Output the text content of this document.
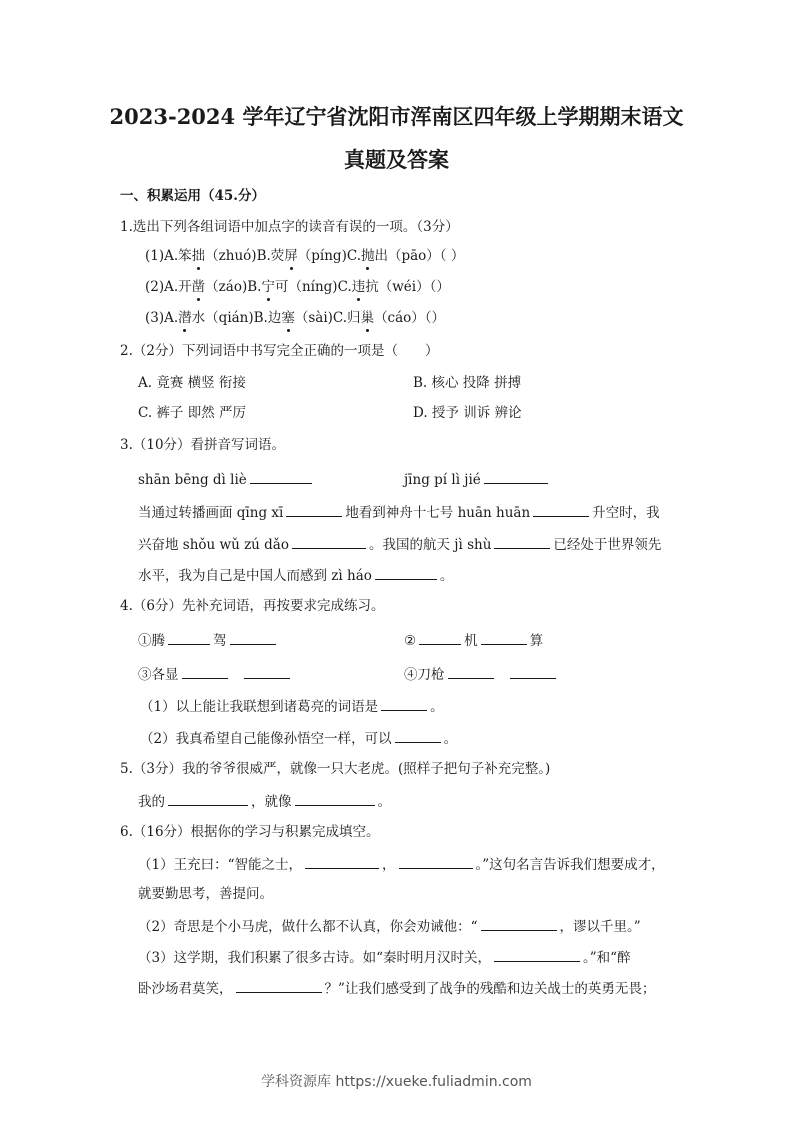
2023-2024 学年辽宁省沈阳市浑南区四年级上学期期末语文
真题及答案
一、积累运用（45.分）
1.选出下列各组词语中加点字的读音有误的一项。（3分）
(1)A.笨拙（zhuó)B.荧屏（píng)C.抛出（pāo）（ ）
(2)A.开凿（záo)B.宁可（níng)C.违抗（wéi）（）
(3)A.潜水（qián)B.边塞（sài)C.归巢（cáo）（）
2.（2分）下列词语中书写完全正确的一项是（　　）
A. 竟赛 横竖 衔接	B. 核心 投降 拼搏
C. 裤子 即然 严厉	D. 授予 训诉 辨论
3.（10分）看拼音写词语。
shān bēng dì liè	jīng pí lì jié
当通过转播画面 qīng xī	地看到神舟十七号 huān huān	升空时，我
兴奋地 shǒu wǔ zú dǎo	。我国的航天 jì shù	已经处于世界领先
水平，我为自己是中国人而感到 zì háo	。
4.（6分）先补充词语，再按要求完成练习。
①腾	驾	②	机	算
③各显	④刀枪
（1）以上能让我联想到诸葛亮的词语是	。
（2）我真希望自己能像孙悟空一样，可以	。
5.（3分）我的爷爷很威严，就像一只大老虎。(照样子把句子补充完整。)
我的	，就像	。
6.（16分）根据你的学习与积累完成填空。
（1）王充曰：“智能之士，	，	。”这句名言告诉我们想要成才，
就要勤思考，善提问。
（2）奇思是个小马虎，做什么都不认真，你会劝诫他：“	，谬以千里。”
（3）这学期，我们积累了很多古诗。如“秦时明月汉时关，	。”和“醉
卧沙场君莫笑，	？”让我们感受到了战争的残酷和边关战士的英勇无畏；
学科资源库 https://xueke.fuliadmin.com
